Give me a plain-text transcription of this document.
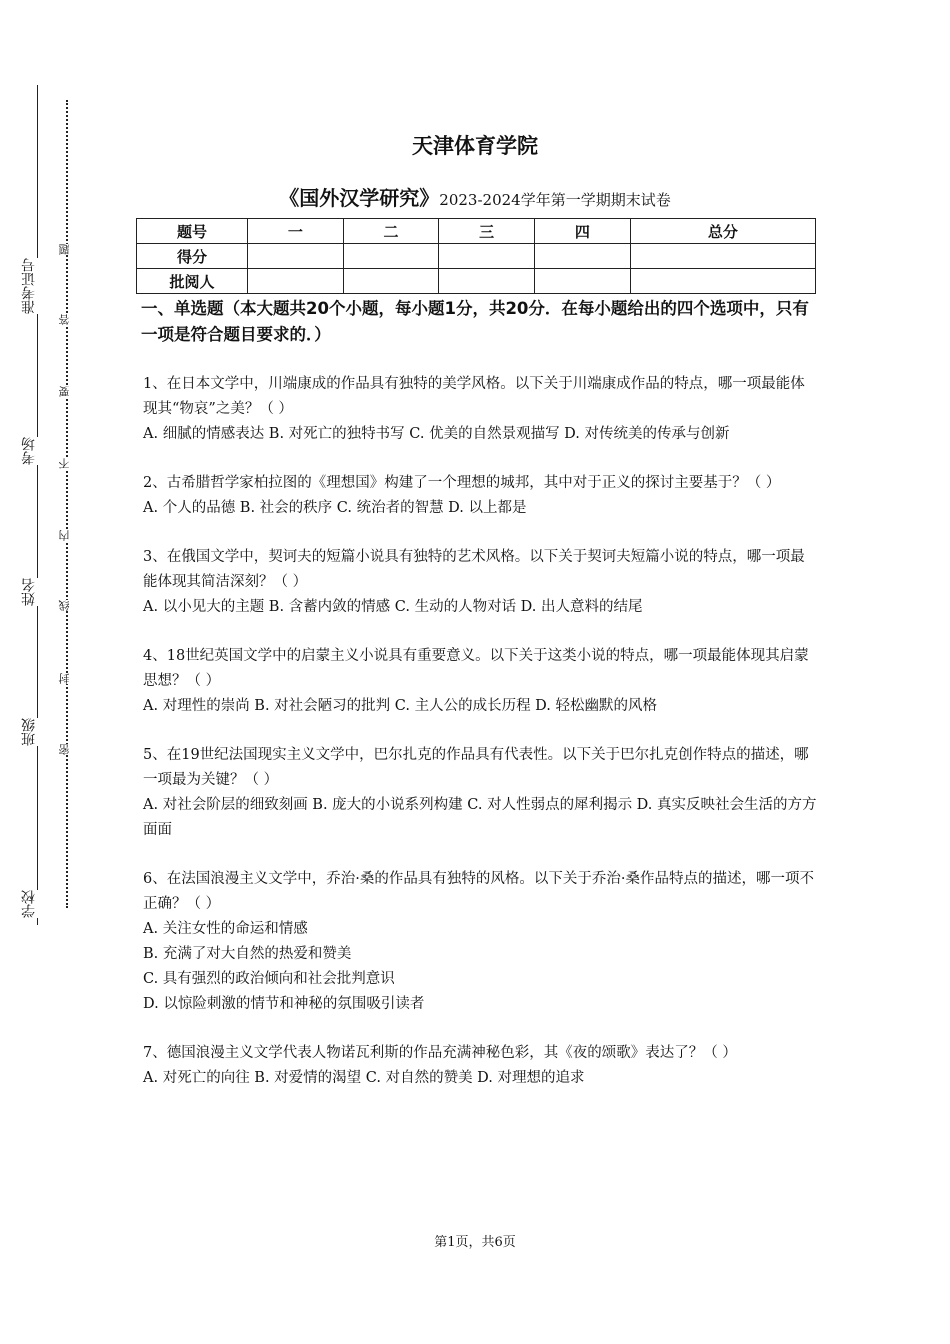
准考证号
考场
姓名
班级
学校
题
答
要
不
内
线
封
密
天津体育学院
《国外汉学研究》2023-2024学年第一学期期末试卷
题号	一	二	三	四	总分
得分					
批阅人					
一、单选题（本大题共20个小题，每小题1分，共20分．在每小题给出的四个选项中，只有一项是符合题目要求的．）

1、在日本文学中，川端康成的作品具有独特的美学风格。以下关于川端康成作品的特点，哪一项最能体现其“物哀”之美？（ ）

A. 细腻的情感表达 B. 对死亡的独特书写 C. 优美的自然景观描写 D. 对传统美的传承与创新

2、古希腊哲学家柏拉图的《理想国》构建了一个理想的城邦，其中对于正义的探讨主要基于？（ ）

A. 个人的品德 B. 社会的秩序 C. 统治者的智慧 D. 以上都是

3、在俄国文学中，契诃夫的短篇小说具有独特的艺术风格。以下关于契诃夫短篇小说的特点，哪一项最能体现其简洁深刻？（ ）

A. 以小见大的主题 B. 含蓄内敛的情感 C. 生动的人物对话 D. 出人意料的结尾

4、18世纪英国文学中的启蒙主义小说具有重要意义。以下关于这类小说的特点，哪一项最能体现其启蒙思想？（ ）

A. 对理性的崇尚 B. 对社会陋习的批判 C. 主人公的成长历程 D. 轻松幽默的风格

5、在19世纪法国现实主义文学中，巴尔扎克的作品具有代表性。以下关于巴尔扎克创作特点的描述，哪一项最为关键？（ ）

A. 对社会阶层的细致刻画 B. 庞大的小说系列构建 C. 对人性弱点的犀利揭示 D. 真实反映社会生活的方方面面

6、在法国浪漫主义文学中，乔治·桑的作品具有独特的风格。以下关于乔治·桑作品特点的描述，哪一项不正确？（ ）

A. 关注女性的命运和情感

B. 充满了对大自然的热爱和赞美

C. 具有强烈的政治倾向和社会批判意识

D. 以惊险刺激的情节和神秘的氛围吸引读者

7、德国浪漫主义文学代表人物诺瓦利斯的作品充满神秘色彩，其《夜的颂歌》表达了？（ ）

A. 对死亡的向往 B. 对爱情的渴望 C. 对自然的赞美 D. 对理想的追求

第1页，共6页
